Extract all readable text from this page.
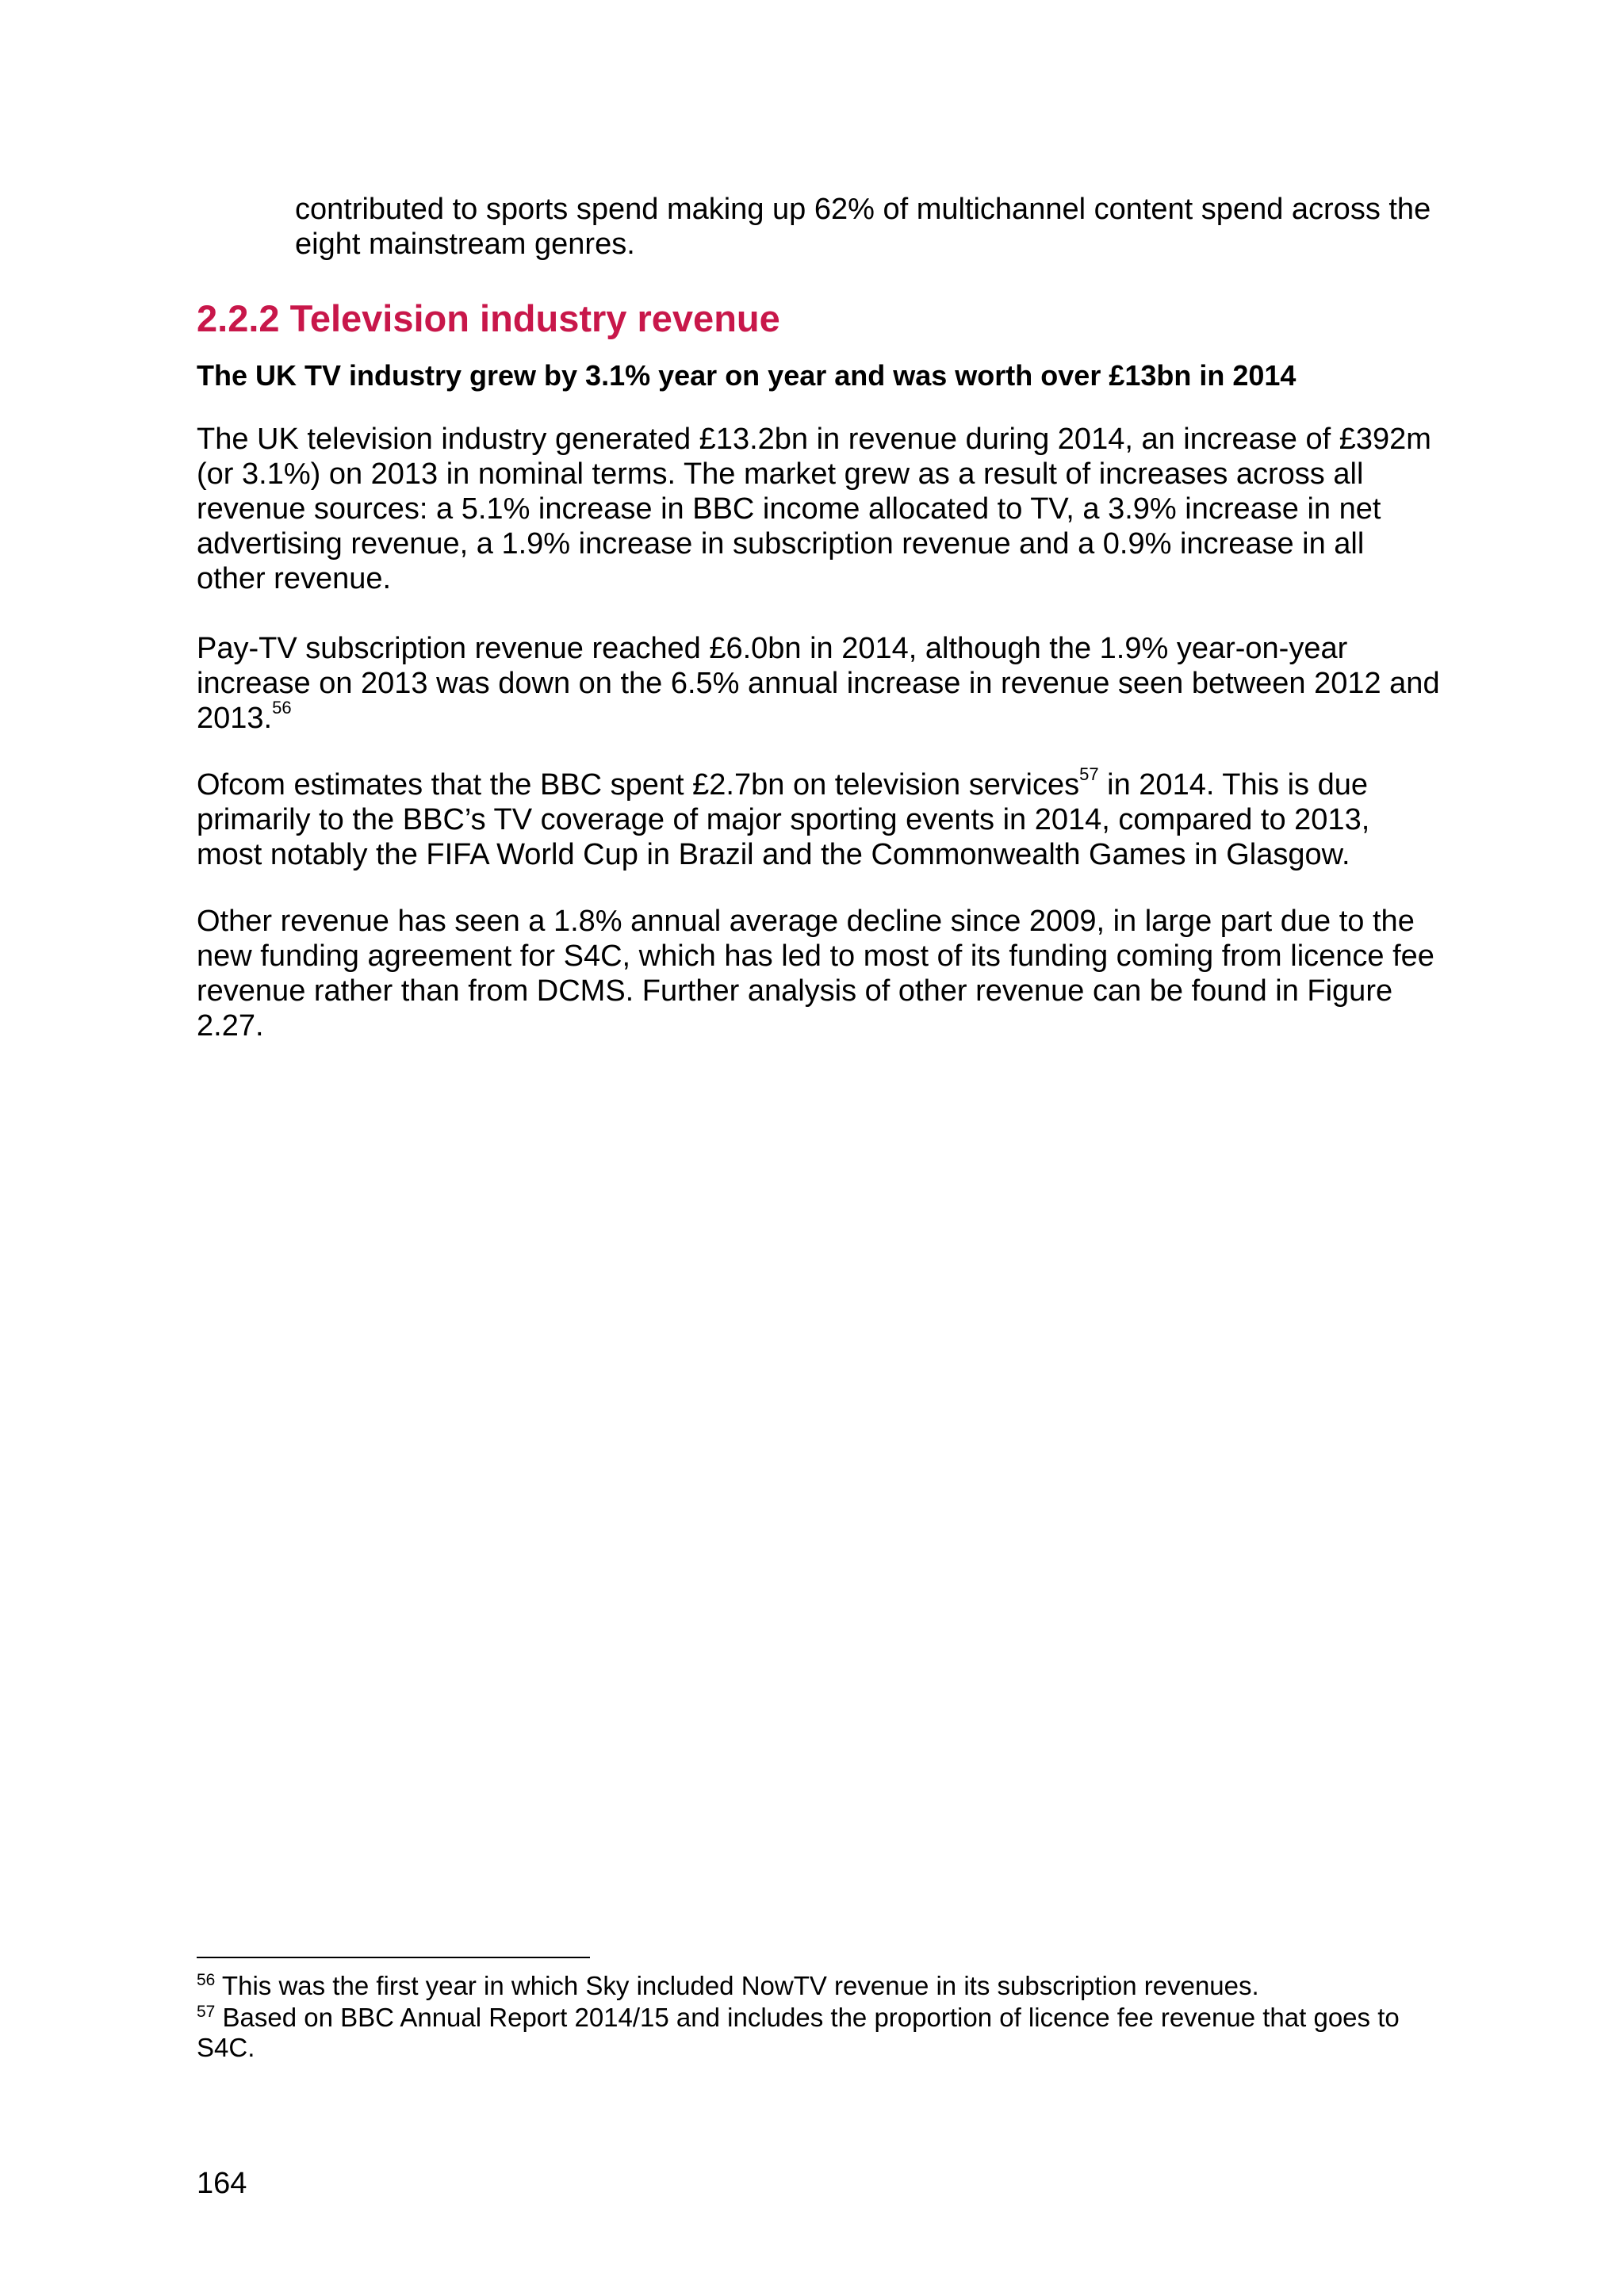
contributed to sports spend making up 62% of multichannel content spend across the eight mainstream genres.
2.2.2 Television industry revenue
The UK TV industry grew by 3.1% year on year and was worth over £13bn in 2014

The UK television industry generated £13.2bn in revenue during 2014, an increase of £392m (or 3.1%) on 2013 in nominal terms. The market grew as a result of increases across all revenue sources: a 5.1% increase in BBC income allocated to TV, a 3.9% increase in net advertising revenue, a 1.9% increase in subscription revenue and a 0.9% increase in all other revenue.

Pay-TV subscription revenue reached £6.0bn in 2014, although the 1.9% year-on-year increase on 2013 was down on the 6.5% annual increase in revenue seen between 2012 and 2013.56

Ofcom estimates that the BBC spent £2.7bn on television services$^{57}$ in 2014. This is due primarily to the BBC’s TV coverage of major sporting events in 2014, compared to 2013, most notably the FIFA World Cup in Brazil and the Commonwealth Games in Glasgow.

Other revenue has seen a 1.8% annual average decline since 2009, in large part due to the new funding agreement for S4C, which has led to most of its funding coming from licence fee revenue rather than from DCMS. Further analysis of other revenue can be found in Figure 2.27.

$^{56}$ This was the first year in which Sky included NowTV revenue in its subscription revenues.

$^{57}$ Based on BBC Annual Report 2014/15 and includes the proportion of licence fee revenue that goes to S4C.

164
